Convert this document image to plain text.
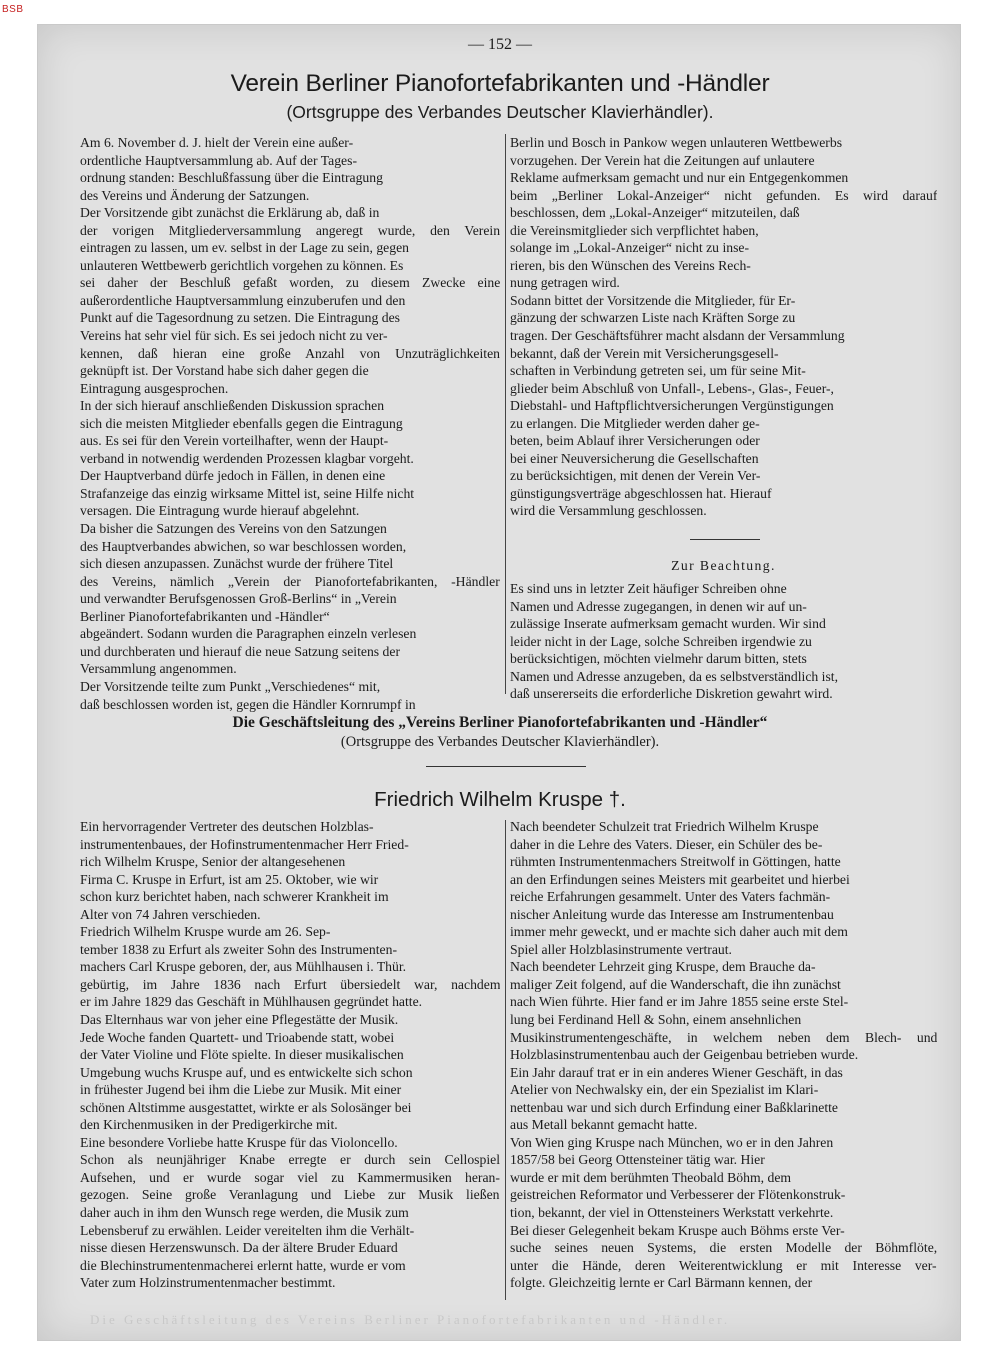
BSB
— 152 —
Verein Berliner Pianofortefabrikanten und -Händler
(Ortsgruppe des Verbandes Deutscher Klavierhändler).
Am 6. November d. J. hielt der Verein eine außer-
ordentliche Hauptversammlung ab. Auf der Tages-
ordnung standen: Beschlußfassung über die Eintragung
des Vereins und Änderung der Satzungen.
Der Vorsitzende gibt zunächst die Erklärung ab, daß in
der vorigen Mitgliederversammlung angeregt wurde, den Verein
eintragen zu lassen, um ev. selbst in der Lage zu sein, gegen
unlauteren Wettbewerb gerichtlich vorgehen zu können. Es
sei daher der Beschluß gefaßt worden, zu diesem Zwecke eine
außerordentliche Hauptversammlung einzuberufen und den
Punkt auf die Tagesordnung zu setzen. Die Eintragung des
Vereins hat sehr viel für sich. Es sei jedoch nicht zu ver-
kennen, daß hieran eine große Anzahl von Unzuträglichkeiten
geknüpft ist. Der Vorstand habe sich daher gegen die
Eintragung ausgesprochen.
In der sich hierauf anschließenden Diskussion sprachen
sich die meisten Mitglieder ebenfalls gegen die Eintragung
aus. Es sei für den Verein vorteilhafter, wenn der Haupt-
verband in notwendig werdenden Prozessen klagbar vorgeht.
Der Hauptverband dürfe jedoch in Fällen, in denen eine
Strafanzeige das einzig wirksame Mittel ist, seine Hilfe nicht
versagen. Die Eintragung wurde hierauf abgelehnt.
Da bisher die Satzungen des Vereins von den Satzungen
des Hauptverbandes abwichen, so war beschlossen worden,
sich diesen anzupassen. Zunächst wurde der frühere Titel
des Vereins, nämlich „Verein der Pianofortefabrikanten, -Händler
und verwandter Berufsgenossen Groß-Berlins“ in „Verein
Berliner Pianofortefabrikanten und -Händler“
abgeändert. Sodann wurden die Paragraphen einzeln verlesen
und durchberaten und hierauf die neue Satzung seitens der
Versammlung angenommen.
Der Vorsitzende teilte zum Punkt „Verschiedenes“ mit,
daß beschlossen worden ist, gegen die Händler Kornrumpf in
Berlin und Bosch in Pankow wegen unlauteren Wettbewerbs
vorzugehen. Der Verein hat die Zeitungen auf unlautere
Reklame aufmerksam gemacht und nur ein Entgegenkommen
beim „Berliner Lokal-Anzeiger“ nicht gefunden. Es wird darauf
beschlossen, dem „Lokal-Anzeiger“ mitzuteilen, daß
die Vereinsmitglieder sich verpflichtet haben,
solange im „Lokal-Anzeiger“ nicht zu inse-
rieren, bis den Wünschen des Vereins Rech-
nung getragen wird.
Sodann bittet der Vorsitzende die Mitglieder, für Er-
gänzung der schwarzen Liste nach Kräften Sorge zu
tragen. Der Geschäftsführer macht alsdann der Versammlung
bekannt, daß der Verein mit Versicherungsgesell-
schaften in Verbindung getreten sei, um für seine Mit-
glieder beim Abschluß von Unfall-, Lebens-, Glas-, Feuer-,
Diebstahl- und Haftpflichtversicherungen Vergünstigungen
zu erlangen. Die Mitglieder werden daher ge-
beten, beim Ablauf ihrer Versicherungen oder
bei einer Neuversicherung die Gesellschaften
zu berücksichtigen, mit denen der Verein Ver-
günstigungsverträge abgeschlossen hat. Hierauf
wird die Versammlung geschlossen.
Zur Beachtung.
Es sind uns in letzter Zeit häufiger Schreiben ohne
Namen und Adresse zugegangen, in denen wir auf un-
zulässige Inserate aufmerksam gemacht wurden. Wir sind
leider nicht in der Lage, solche Schreiben irgendwie zu
berücksichtigen, möchten vielmehr darum bitten, stets
Namen und Adresse anzugeben, da es selbstverständlich ist,
daß unsererseits die erforderliche Diskretion gewahrt wird.
Die Geschäftsleitung des „Vereins Berliner Pianofortefabrikanten und -Händler“
(Ortsgruppe des Verbandes Deutscher Klavierhändler).
Friedrich Wilhelm Kruspe †.
Ein hervorragender Vertreter des deutschen Holzblas-
instrumentenbaues, der Hofinstrumentenmacher Herr Fried-
rich Wilhelm Kruspe, Senior der altangesehenen
Firma C. Kruspe in Erfurt, ist am 25. Oktober, wie wir
schon kurz berichtet haben, nach schwerer Krankheit im
Alter von 74 Jahren verschieden.
Friedrich Wilhelm Kruspe wurde am 26. Sep-
tember 1838 zu Erfurt als zweiter Sohn des Instrumenten-
machers Carl Kruspe geboren, der, aus Mühlhausen i. Thür.
gebürtig, im Jahre 1836 nach Erfurt übersiedelt war, nachdem
er im Jahre 1829 das Geschäft in Mühlhausen gegründet hatte.
Das Elternhaus war von jeher eine Pflegestätte der Musik.
Jede Woche fanden Quartett- und Trioabende statt, wobei
der Vater Violine und Flöte spielte. In dieser musikalischen
Umgebung wuchs Kruspe auf, und es entwickelte sich schon
in frühester Jugend bei ihm die Liebe zur Musik. Mit einer
schönen Altstimme ausgestattet, wirkte er als Solosänger bei
den Kirchenmusiken in der Predigerkirche mit.
Eine besondere Vorliebe hatte Kruspe für das Violoncello.
Schon als neunjähriger Knabe erregte er durch sein Cellospiel
Aufsehen, und er wurde sogar viel zu Kammermusiken heran-
gezogen. Seine große Veranlagung und Liebe zur Musik ließen
daher auch in ihm den Wunsch rege werden, die Musik zum
Lebensberuf zu erwählen. Leider vereitelten ihm die Verhält-
nisse diesen Herzenswunsch. Da der ältere Bruder Eduard
die Blechinstrumentenmacherei erlernt hatte, wurde er vom
Vater zum Holzinstrumentenmacher bestimmt.
Nach beendeter Schulzeit trat Friedrich Wilhelm Kruspe
daher in die Lehre des Vaters. Dieser, ein Schüler des be-
rühmten Instrumentenmachers Streitwolf in Göttingen, hatte
an den Erfindungen seines Meisters mit gearbeitet und hierbei
reiche Erfahrungen gesammelt. Unter des Vaters fachmän-
nischer Anleitung wurde das Interesse am Instrumentenbau
immer mehr geweckt, und er machte sich daher auch mit dem
Spiel aller Holzblasinstrumente vertraut.
Nach beendeter Lehrzeit ging Kruspe, dem Brauche da-
maliger Zeit folgend, auf die Wanderschaft, die ihn zunächst
nach Wien führte. Hier fand er im Jahre 1855 seine erste Stel-
lung bei Ferdinand Hell & Sohn, einem ansehnlichen
Musikinstrumentengeschäfte, in welchem neben dem Blech- und
Holzblasinstrumentenbau auch der Geigenbau betrieben wurde.
Ein Jahr darauf trat er in ein anderes Wiener Geschäft, in das
Atelier von Nechwalsky ein, der ein Spezialist im Klari-
nettenbau war und sich durch Erfindung einer Baßklarinette
aus Metall bekannt gemacht hatte.
Von Wien ging Kruspe nach München, wo er in den Jahren
1857/58 bei Georg Ottensteiner tätig war. Hier
wurde er mit dem berühmten Theobald Böhm, dem
geistreichen Reformator und Verbesserer der Flötenkonstruk-
tion, bekannt, der viel in Ottensteiners Werkstatt verkehrte.
Bei dieser Gelegenheit bekam Kruspe auch Böhms erste Ver-
suche seines neuen Systems, die ersten Modelle der Böhmflöte,
unter die Hände, deren Weiterentwicklung er mit Interesse ver-
folgte. Gleichzeitig lernte er Carl Bärmann kennen, der
Die Geschäftsleitung des Vereins Berliner Pianofortefabrikanten und -Händler.
